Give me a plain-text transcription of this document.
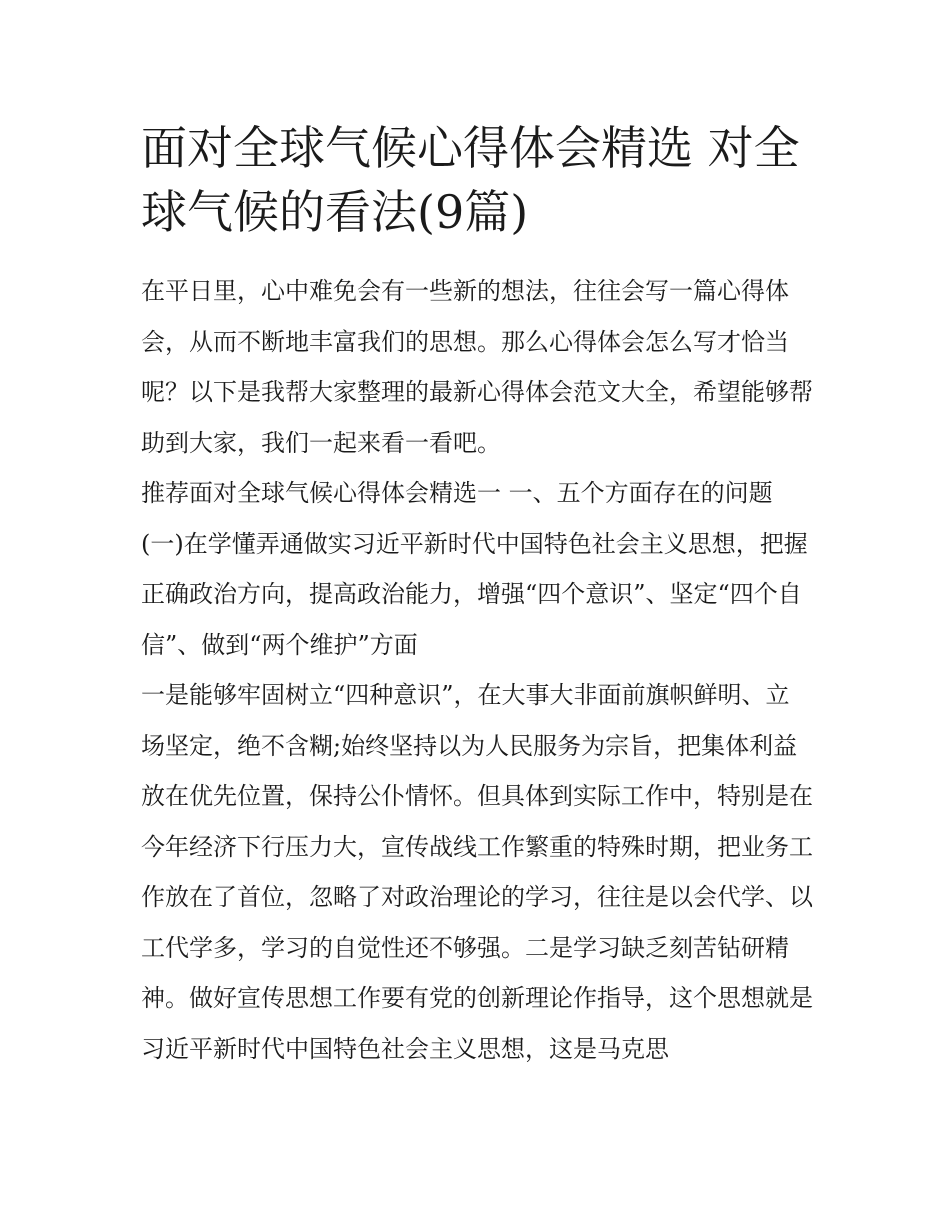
面对全球气候心得体会精选 对全球气候的看法(9篇)

在平日里，心中难免会有一些新的想法，往往会写一篇心得体会，从而不断地丰富我们的思想。那么心得体会怎么写才恰当呢？以下是我帮大家整理的最新心得体会范文大全，希望能够帮助到大家，我们一起来看一看吧。

推荐面对全球气候心得体会精选一 一、五个方面存在的问题

(一)在学懂弄通做实习近平新时代中国特色社会主义思想，把握正确政治方向，提高政治能力，增强“四个意识”、坚定“四个自信”、做到“两个维护”方面

一是能够牢固树立“四种意识”，在大事大非面前旗帜鲜明、立场坚定，绝不含糊;始终坚持以为人民服务为宗旨，把集体利益放在优先位置，保持公仆情怀。但具体到实际工作中，特别是在今年经济下行压力大，宣传战线工作繁重的特殊时期，把业务工作放在了首位，忽略了对政治理论的学习，往往是以会代学、以工代学多，学习的自觉性还不够强。二是学习缺乏刻苦钻研精神。做好宣传思想工作要有党的创新理论作指导，这个思想就是习近平新时代中国特色社会主义思想，这是马克思
